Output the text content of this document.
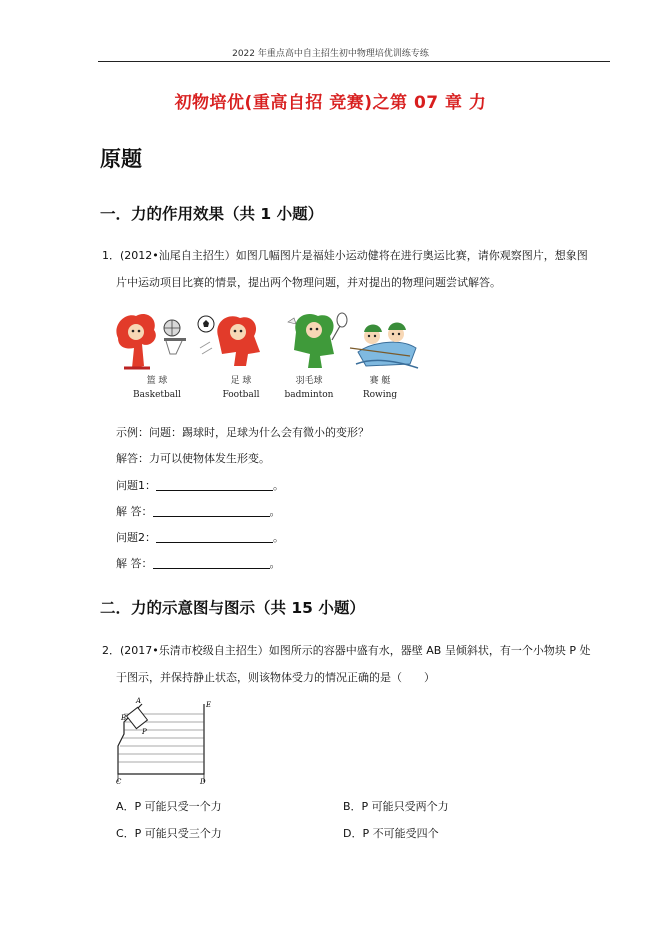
2022 年重点高中自主招生初中物理培优训练专练
初物培优(重高自招 竞赛)之第 07 章 力
原题
一．力的作用效果（共 1 小题）
1．(2012•汕尾自主招生）如图几幅图片是福娃小运动健将在进行奥运比赛，请你观察图片，想象图
片中运动项目比赛的情景，提出两个物理问题，并对提出的物理问题尝试解答。
篮 球
Basketball
足 球
Football
羽毛球
badminton
赛 艇
Rowing
示例：问题：踢球时，足球为什么会有微小的变形？
解答：力可以使物体发生形变。
问题1：	。
解 答：	。
问题2：	。
解 答：	。
二．力的示意图与图示（共 15 小题）
2．(2017•乐清市校级自主招生）如图所示的容器中盛有水，器壁 AB 呈倾斜状，有一个小物块 P 处
于图示，并保持静止状态，则该物体受力的情况正确的是（　　）
A
B
P
E
C	D
A．P 可能只受一个力	B．P 可能只受两个力
C．P 可能只受三个力	D．P 不可能受四个
